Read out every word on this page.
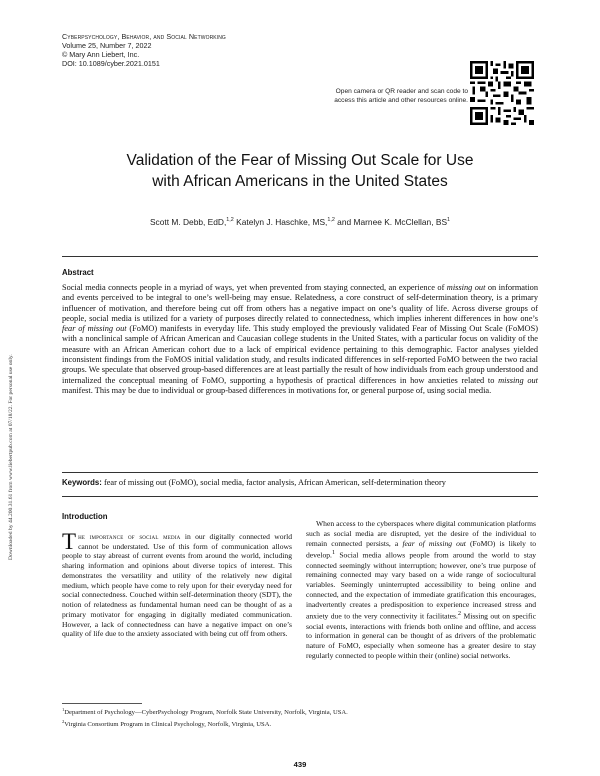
Cyberpsychology, Behavior, and Social Networking
Volume 25, Number 7, 2022
© Mary Ann Liebert, Inc.
DOI: 10.1089/cyber.2021.0151
Open camera or QR reader and scan code to access this article and other resources online.
Downloaded by 44.200.31.61 from www.liebertpub.com at 07/18/22. For personal use only.
Validation of the Fear of Missing Out Scale for Use
with African Americans in the United States
Scott M. Debb, EdD,$^{1,2}$ Katelyn J. Haschke, MS,$^{1,2}$ and Marnee K. McClellan, $BS^1$
Abstract
Social media connects people in a myriad of ways, yet when prevented from staying connected, an experience of missing out on information and events perceived to be integral to one’s well-being may ensue. Relatedness, a core construct of self-determination theory, is a primary influencer of motivation, and therefore being cut off from others has a negative impact on one’s quality of life. Across diverse groups of people, social media is utilized for a variety of purposes directly related to connectedness, which implies inherent differences in how one’s fear of missing out (FoMO) manifests in everyday life. This study employed the previously validated Fear of Missing Out Scale (FoMOS) with a nonclinical sample of African American and Caucasian college students in the United States, with a particular focus on validity of the measure with an African American cohort due to a lack of empirical evidence pertaining to this demographic. Factor analyses yielded inconsistent findings from the FoMOS initial validation study, and results indicated differences in self-reported FoMO between the two racial groups. We speculate that observed group-based differences are at least partially the result of how individuals from each group understood and internalized the conceptual meaning of FoMO, supporting a hypothesis of practical differences in how anxieties related to missing out manifest. This may be due to individual or group-based differences in motivations for, or general purpose of, using social media.
Keywords: fear of missing out (FoMO), social media, factor analysis, African American, self-determination theory
Introduction

The importance of social media in our digitally connected world cannot be understated. Use of this form of communication allows people to stay abreast of current events from around the world, including sharing information and opinions about diverse topics of interest. This demonstrates the versatility and utility of the relatively new digital medium, which people have come to rely upon for their everyday need for social connectedness. Couched within self-determination theory (SDT), the notion of relatedness as fundamental human need can be thought of as a primary motivator for engaging in digitally mediated communication. However, a lack of connectedness can have a negative impact on one’s quality of life due to the anxiety associated with being cut off from others.

When access to the cyberspaces where digital communication platforms such as social media are disrupted, yet the desire of the individual to remain connected persists, a fear of missing out (FoMO) is likely to develop.$^1$ Social media allows people from around the world to stay connected seemingly without interruption; however, one’s true purpose of remaining connected may vary based on a wide range of sociocultural variables. Seemingly uninterrupted accessibility to being online and connected, and the expectation of immediate gratification this encourages, inadvertently creates a predisposition to experience increased stress and anxiety due to the very connectivity it facilitates.$^2$ Missing out on specific social events, interactions with friends both online and offline, and access to information in general can be thought of as drivers of the problematic nature of FoMO, especially when someone has a greater desire to stay regularly connected to people within their (online) social networks.

$^1$Department of Psychology—CyberPsychology Program, Norfolk State University, Norfolk, Virginia, USA.
$^2$Virginia Consortium Program in Clinical Psychology, Norfolk, Virginia, USA.
439
